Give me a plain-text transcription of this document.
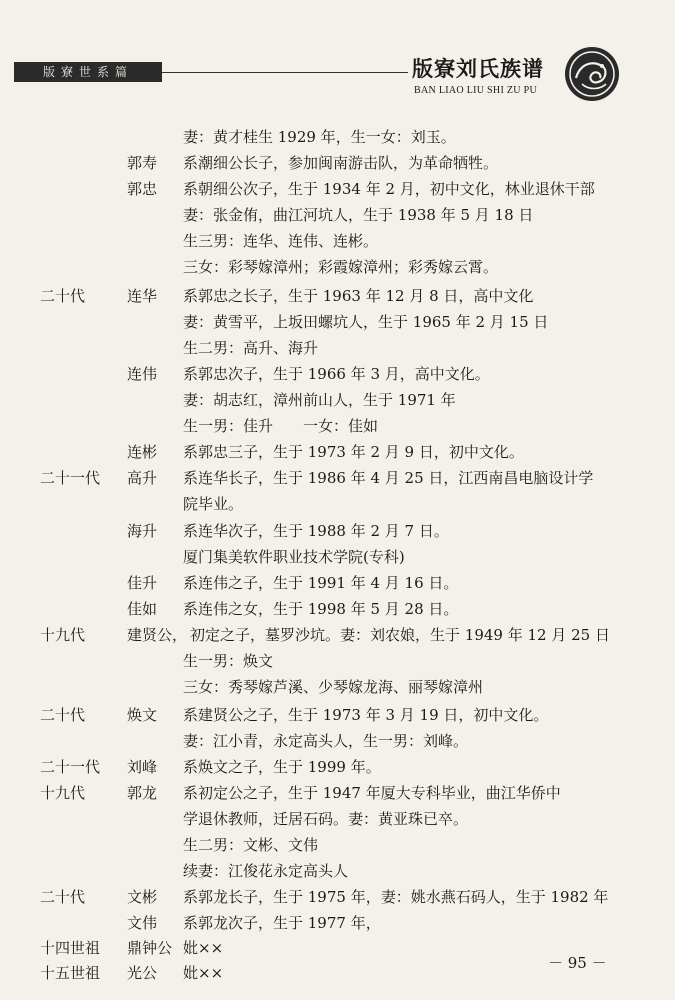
版寮世系篇	版寮刘氏族谱
BAN LIAO LIU SHI ZU PU
妻：黄才桂生 1929 年，生一女：刘玉。
郭寿 系潮细公长子，参加闽南游击队，为革命牺牲。
郭忠 系朝细公次子，生于 1934 年 2 月，初中文化，林业退休干部
妻：张金侑，曲江河坑人，生于 1938 年 5 月 18 日
生三男：连华、连伟、连彬。
三女：彩琴嫁漳州；彩霞嫁漳州；彩秀嫁云霄。
二十代	连华 系郭忠之长子，生于 1963 年 12 月 8 日，高中文化
妻：黄雪平，上坂田螺坑人，生于 1965 年 2 月 15 日
生二男：高升、海升
连伟 系郭忠次子，生于 1966 年 3 月，高中文化。
妻：胡志红，漳州前山人，生于 1971 年
生一男：佳升　　一女：佳如
连彬 系郭忠三子，生于 1973 年 2 月 9 日，初中文化。
二十一代 高升 系连华长子，生于 1986 年 4 月 25 日，江西南昌电脑设计学
院毕业。
海升 系连华次子，生于 1988 年 2 月 7 日。
厦门集美软件职业技术学院(专科)
佳升 系连伟之子，生于 1991 年 4 月 16 日。
佳如 系连伟之女，生于 1998 年 5 月 28 日。
十九代	建贤公， 初定之子，墓罗沙坑。妻：刘农娘，生于 1949 年 12 月 25 日
生一男：焕文
三女：秀琴嫁芦溪、少琴嫁龙海、丽琴嫁漳州
二十代	焕文 系建贤公之子，生于 1973 年 3 月 19 日，初中文化。
妻：江小青，永定高头人，生一男：刘峰。
二十一代 刘峰 系焕文之子，生于 1999 年。
十九代	郭龙 系初定公之子，生于 1947 年厦大专科毕业，曲江华侨中
学退休教师，迁居石码。妻：黄亚珠已卒。
生二男：文彬、文伟
续妻：江俊花永定高头人
二十代	文彬 系郭龙长子，生于 1975 年，妻：姚水燕石码人，生于 1982 年
文伟 系郭龙次子，生于 1977 年，
十四世祖 鼎钟公 妣××
十五世祖 光公 妣××
－ 95 －
